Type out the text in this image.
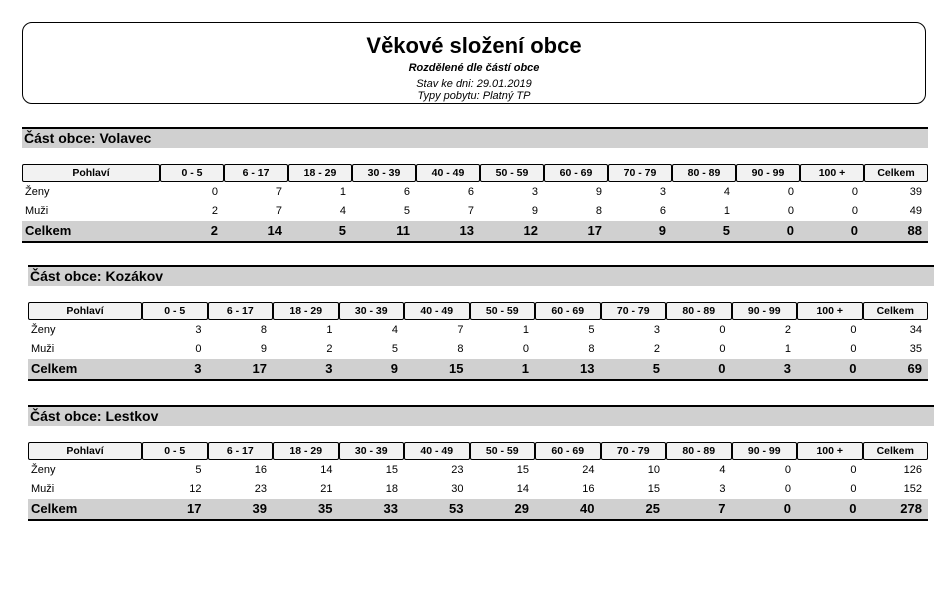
Věkové složení obce
Rozdělené dle částí obce
Stav ke dni: 29.01.2019
Typy pobytu: Platný TP
Část obce: Volavec
Pohlaví	0 - 5	6 - 17	18 - 29	30 - 39	40 - 49	50 - 59	60 - 69	70 - 79	80 - 89	90 - 99	100 +	Celkem
Ženy	0	7	1	6	6	3	9	3	4	0	0	39
Muži	2	7	4	5	7	9	8	6	1	0	0	49
Celkem	2	14	5	11	13	12	17	9	5	0	0	88
Část obce: Kozákov
Pohlaví	0 - 5	6 - 17	18 - 29	30 - 39	40 - 49	50 - 59	60 - 69	70 - 79	80 - 89	90 - 99	100 +	Celkem
Ženy	3	8	1	4	7	1	5	3	0	2	0	34
Muži	0	9	2	5	8	0	8	2	0	1	0	35
Celkem	3	17	3	9	15	1	13	5	0	3	0	69
Část obce: Lestkov
Pohlaví	0 - 5	6 - 17	18 - 29	30 - 39	40 - 49	50 - 59	60 - 69	70 - 79	80 - 89	90 - 99	100 +	Celkem
Ženy	5	16	14	15	23	15	24	10	4	0	0	126
Muži	12	23	21	18	30	14	16	15	3	0	0	152
Celkem	17	39	35	33	53	29	40	25	7	0	0	278
